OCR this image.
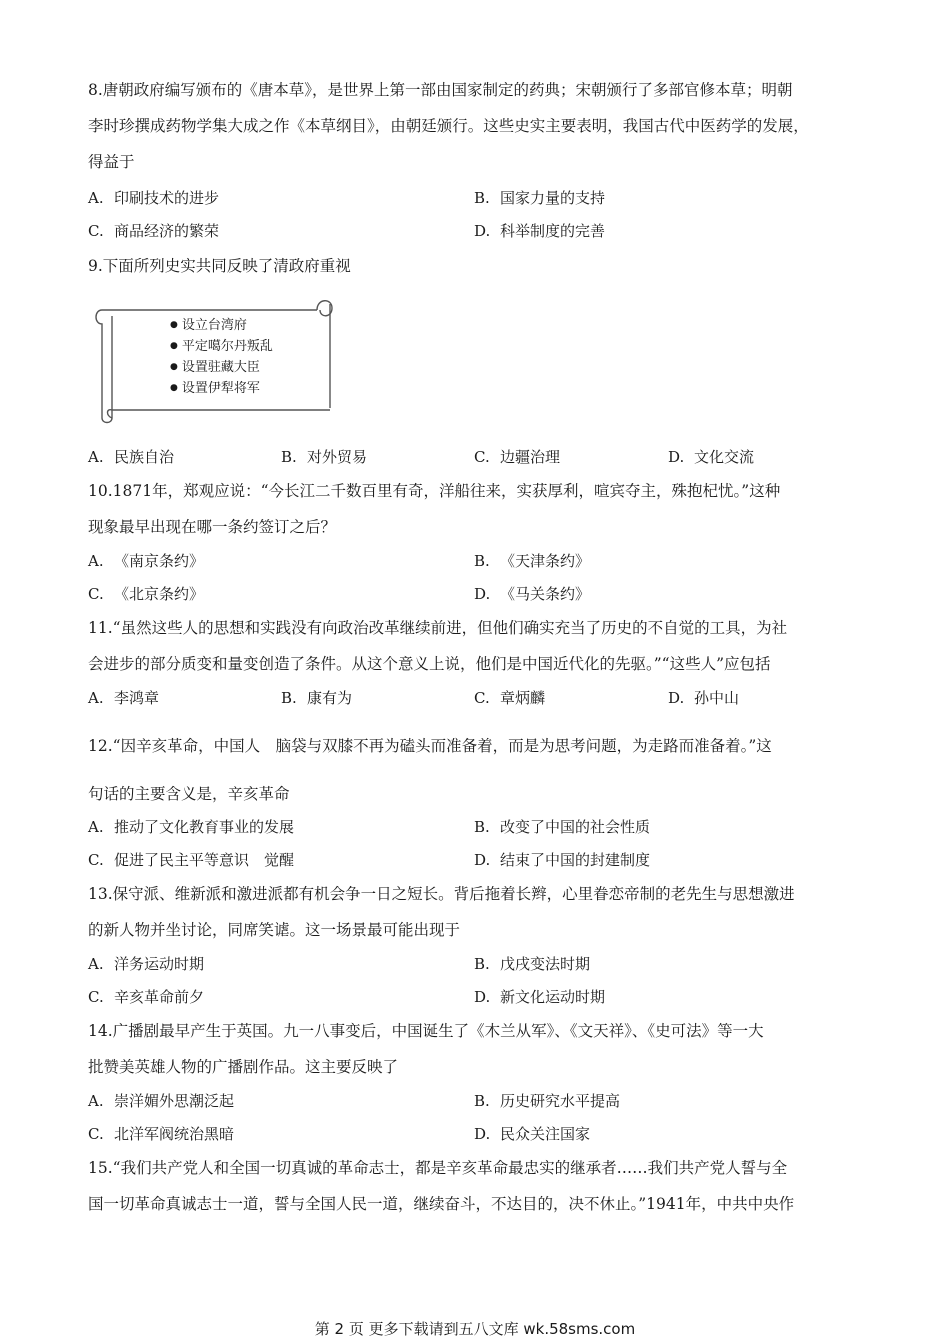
8.唐朝政府编写颁布的《唐本草》，是世界上第一部由国家制定的药典；宋朝颁行了多部官修本草；明朝
李时珍撰成药物学集大成之作《本草纲目》，由朝廷颁行。这些史实主要表明，我国古代中医药学的发展，
得益于
A. 印刷技术的进步	B. 国家力量的支持
C. 商品经济的繁荣	D. 科举制度的完善
9.下面所列史实共同反映了清政府重视
● 设立台湾府
● 平定噶尔丹叛乱
● 设置驻藏大臣
● 设置伊犁将军
A. 民族自治	B. 对外贸易	C. 边疆治理	D. 文化交流
10.1871年，郑观应说：“今长江二千数百里有奇，洋船往来，实获厚利，喧宾夺主，殊抱杞忧。”这种
现象最早出现在哪一条约签订之后？
A. 《南京条约》	B. 《天津条约》
C. 《北京条约》	D. 《马关条约》
11.“虽然这些人的思想和实践没有向政治改革继续前进，但他们确实充当了历史的不自觉的工具，为社
会进步的部分质变和量变创造了条件。从这个意义上说，他们是中国近代化的先驱。”“这些人”应包括
A. 李鸿章	B. 康有为	C. 章炳麟	D. 孙中山
12.“因辛亥革命，中国人　脑袋与双膝不再为磕头而准备着，而是为思考问题，为走路而准备着。”这
句话的主要含义是，辛亥革命
A. 推动了文化教育事业的发展	B. 改变了中国的社会性质
C. 促进了民主平等意识　觉醒	D. 结束了中国的封建制度
13.保守派、维新派和激进派都有机会争一日之短长。背后拖着长辫，心里眷恋帝制的老先生与思想激进
的新人物并坐讨论，同席笑谑。这一场景最可能出现于
A. 洋务运动时期	B. 戊戌变法时期
C. 辛亥革命前夕	D. 新文化运动时期
14.广播剧最早产生于英国。九一八事变后，中国诞生了《木兰从军》、《文天祥》、《史可法》等一大
批赞美英雄人物的广播剧作品。这主要反映了
A. 崇洋媚外思潮泛起	B. 历史研究水平提高
C. 北洋军阀统治黑暗	D. 民众关注国家
15.“我们共产党人和全国一切真诚的革命志士，都是辛亥革命最忠实的继承者……我们共产党人誓与全
国一切革命真诚志士一道，誓与全国人民一道，继续奋斗，不达目的，决不休止。”1941年，中共中央作
第 2 页 更多下载请到五八文库 wk.58sms.com
